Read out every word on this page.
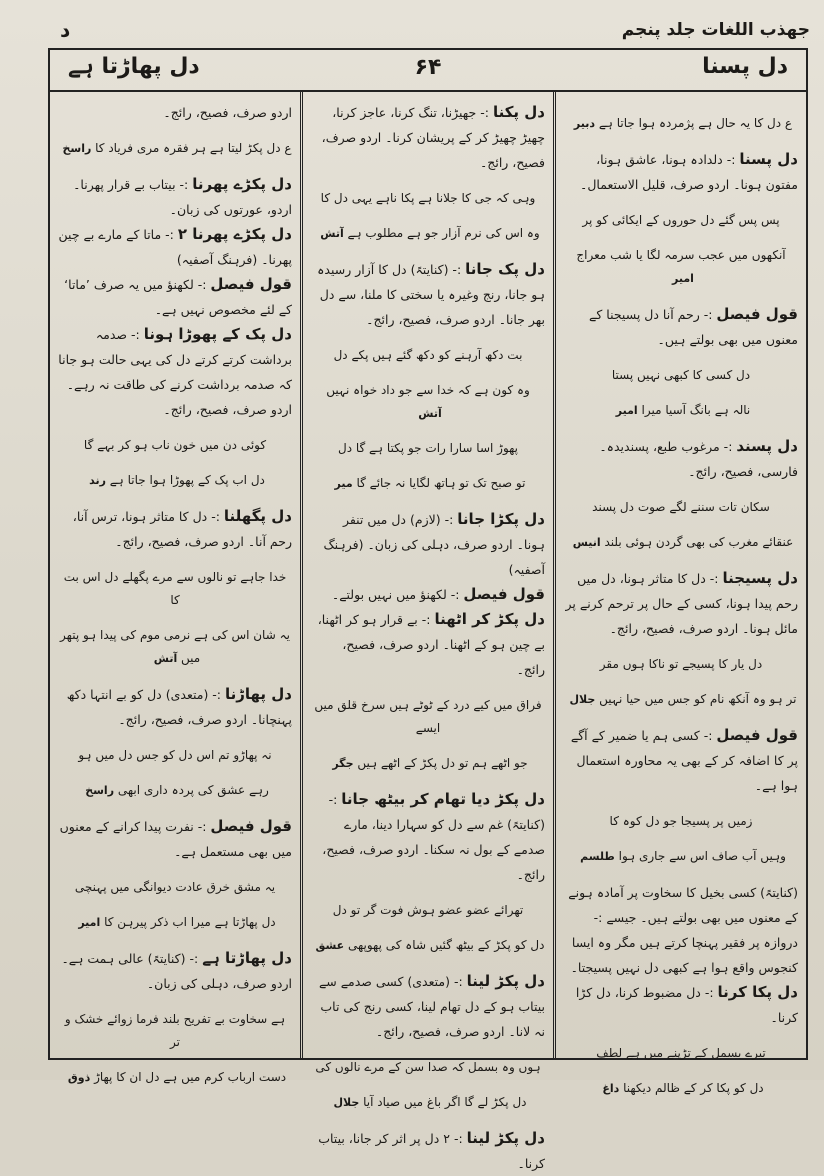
جهذب اللغات جلد پنجم
د
دل پسنا
۶۴
دل پھاڑتا ہے

ع دل کا یہ حال ہے پژمردہ ہوا جاتا ہے دبیر

دل پسنا :- دلدادہ ہونا، عاشق ہونا، مفتون ہونا۔ اردو صرف، قلیل الاستعمال۔

پس پس گئے دل حوروں کے ایکائی کو پر

آنکھوں میں عجب سرمہ لگا یا شب معراج امیر

قول فیصل :- رحم آنا دل پسیجنا کے معنوں میں بھی بولتے ہیں۔

دل کسی کا کبھی نہیں پستا

نالہ ہے بانگ آسیا میرا امیر

دل پسند :- مرغوب طبع، پسندیدہ۔ فارسی، فصیح، رائج۔

سکان تات سننے لگے صوت دل پسند

عنقائے مغرب کی بھی گردن ہوئی بلند انیس

دل پسیجنا :- دل کا متاثر ہونا، دل میں رحم پیدا ہونا، کسی کے حال پر ترحم کرنے پر مائل ہونا۔ اردو صرف، فصیح، رائج۔

دل یار کا پسیجے تو ناکا ہوں مقر

تر ہو وہ آنکھ نام کو جس میں حیا نہیں جلال

قول فیصل :- کسی ہم یا ضمیر کے آگے پر کا اضافہ کر کے بھی یہ محاورہ استعمال ہوا ہے۔

زمیں پر پسیجا جو دل کوہ کا

وہیں آب صاف اس سے جاری ہوا طلسم

(کنایتہً) کسی بخیل کا سخاوت پر آمادہ ہونے کے معنوں میں بھی بولتے ہیں۔ جیسے :- دروازہ پر فقیر پہنچا کرتے ہیں مگر وہ ایسا کنجوس واقع ہوا ہے کبھی دل نہیں پسیجتا۔

دل پکا کرنا :- دل مضبوط کرنا، دل کڑا کرنا۔

تیرے بسمل کے تڑپنے میں ہے لطف

دل کو پکا کر کے ظالم دیکھنا داغ

دل پکنا :- جھیڑنا، تنگ کرنا، عاجز کرنا، چھیڑ چھیڑ کر کے پریشان کرنا۔ اردو صرف، فصیح، رائج۔

وہی کہ جی کا جلانا ہے پکا ناہے یہی دل کا

وہ اس کی نرم آزار جو ہے مطلوب ہے آتش

دل پک جانا :- (کنایتہً) دل کا آزار رسیدہ ہو جانا، رنج وغیرہ یا سختی کا ملنا، سے دل بھر جانا۔ اردو صرف، فصیح، رائج۔

بت دکھ آرہنے کو دکھ گئے ہیں پکے دل

وہ کون ہے کہ خدا سے جو داد خواہ نہیں آتش

پھوڑ اسا سارا رات جو پکتا ہے گا دل

تو صبح تک تو ہاتھ لگایا نہ جائے گا میر

دل پکڑا جانا :- (لازم) دل میں تنفر ہونا۔ اردو صرف، دہلی کی زبان۔ (فرہنگ آصفیہ)

قول فیصل :- لکھنؤ میں نہیں بولتے۔

دل پکڑ کر اٹھنا :- بے قرار ہو کر اٹھنا، بے چین ہو کے اٹھنا۔ اردو صرف، فصیح، رائج۔

فراق میں کیے درد کے ٹوٹے ہیں سرخ قلق میں ایسے

جو اٹھے ہم تو دل پکڑ کے اٹھے ہیں جگر

دل پکڑ دیا تھام کر بیٹھ جانا :- (کنایتہً) غم سے دل کو سہارا دینا، مارے صدمے کے بول نہ سکنا۔ اردو صرف، فصیح، رائج۔

تھرائے عضو عضو ہوش فوت گر تو دل

دل کو پکڑ کے بیٹھ گئیں شاہ کی پھوپھی عشق

دل پکڑ لینا :- (متعدی) کسی صدمے سے بیتاب ہو کے دل تھام لینا، کسی رنج کی تاب نہ لانا۔ اردو صرف، فصیح، رائج۔

ہوں وہ بسمل کہ صدا سن کے مرے نالوں کی

دل پکڑ لے گا اگر باغ میں صیاد آیا جلال

دل پکڑ لینا :- ۲ دل پر اثر کر جانا، بیتاب کرنا۔

اردو صرف، فصیح، رائج۔

ع دل پکڑ لیتا ہے ہر فقرہ مری فریاد کا راسخ

دل پکڑے پھرنا :- بیتاب بے قرار پھرنا۔ اردو، عورتوں کی زبان۔

دل پکڑے پھرنا ۲ :- ماتا کے مارے بے چین پھرنا۔ (فرہنگ آصفیہ)

قول فیصل :- لکھنؤ میں یہ صرف ’ماتا‘ کے لئے مخصوص نہیں ہے۔

دل پک کے پھوڑا ہونا :- صدمہ برداشت کرتے کرتے دل کی یہی حالت ہو جانا کہ صدمہ برداشت کرنے کی طاقت نہ رہے۔ اردو صرف، فصیح، رائج۔

کوئی دن میں خون ناب ہو کر بہے گا

دل اب پک کے پھوڑا ہوا جاتا ہے رند

دل پگھلنا :- دل کا متاثر ہونا، ترس آنا، رحم آنا۔ اردو صرف، فصیح، رائج۔

خدا جاہے تو نالوں سے مرے پگھلے دل اس بت کا

یہ شان اس کی ہے نرمی موم کی پیدا ہو پتھر میں آتش

دل پھاڑنا :- (متعدی) دل کو بے انتہا دکھ پہنچانا۔ اردو صرف، فصیح، رائج۔

نہ پھاڑو تم اس دل کو جس دل میں ہو

رہے عشق کی پردہ داری ابھی راسخ

قول فیصل :- نفرت پیدا کرانے کے معنوں میں بھی مستعمل ہے۔

یہ مشق خرق عادت دیوانگی میں پہنچی

دل پھاڑتا ہے میرا اب ذکر پیرہن کا امیر

دل پھاڑتا ہے :- (کنایتہً) عالی ہمت ہے۔ اردو صرف، دہلی کی زبان۔

ہے سخاوت بے تفریح بلند فرما زوائے خشک و تر

دست ارباب کرم میں ہے دل ان کا پھاڑ ذوق
